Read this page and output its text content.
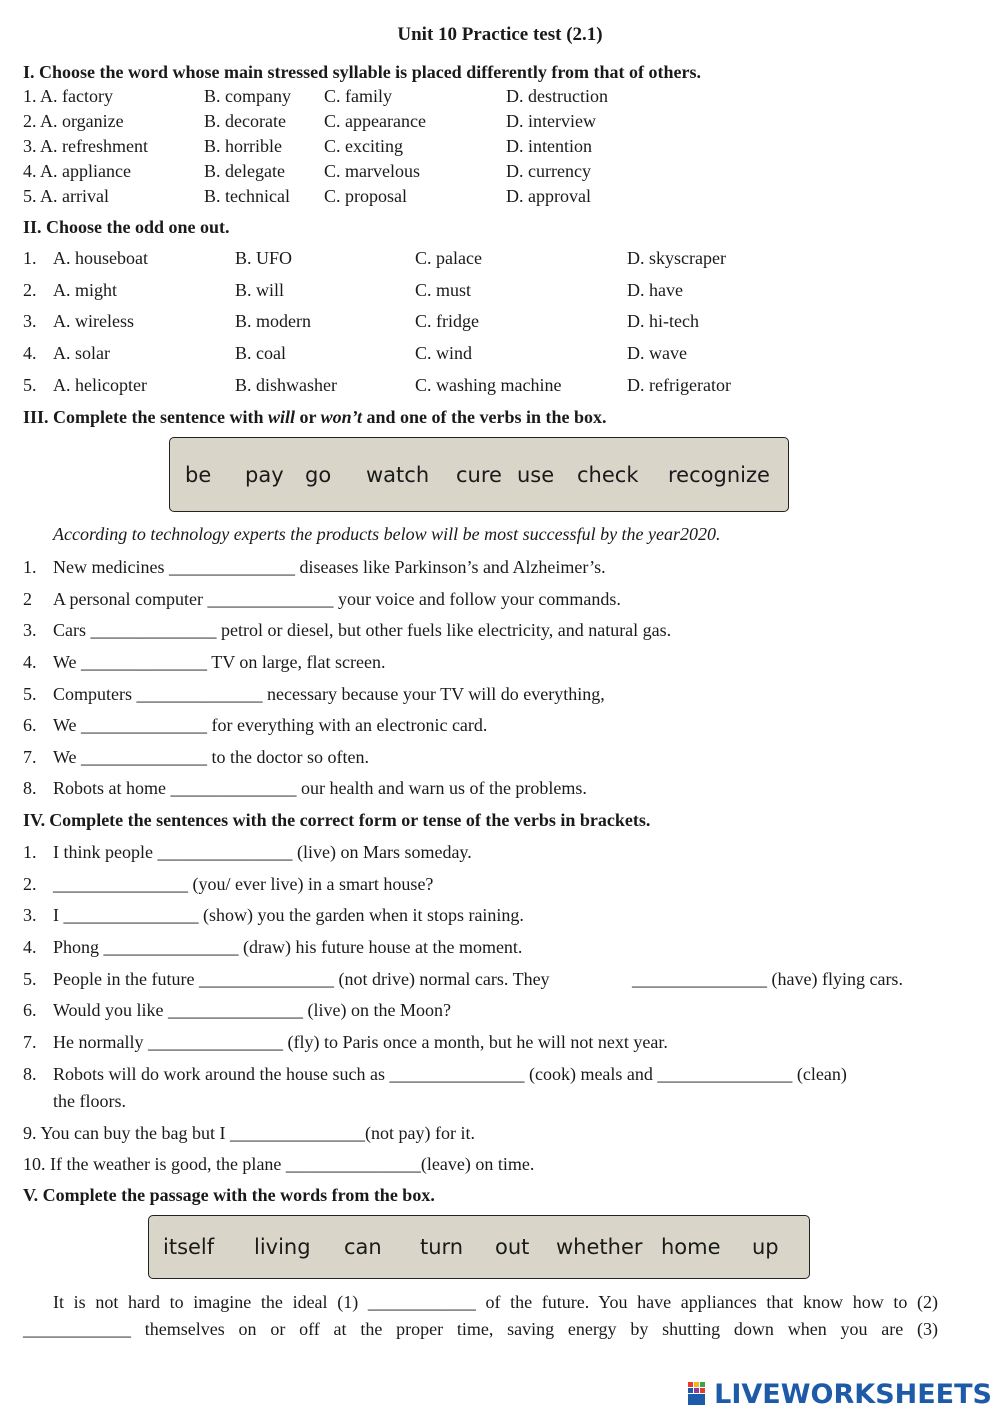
Unit 10 Practice test (2.1)
I. Choose the word whose main stressed syllable is placed differently from that of others.
1. A. factory	B. company C. family	D. destruction
2. A. organize	B. decorate C. appearance	D. interview
3. A. refreshment	B. horrible C. exciting	D. intention
4. A. appliance	B. delegate C. marvelous	D. currency
5. A. arrival	B. technical C. proposal	D. approval
II. Choose the odd one out.
1. A. houseboat	B. UFO	C. palace	D. skyscraper
2. A. might	B. will	C. must	D. have
3. A. wireless	B. modern	C. fridge	D. hi-tech
4. A. solar	B. coal	C. wind	D. wave
5. A. helicopter	B. dishwasher	C. washing machine	D. refrigerator
III. Complete the sentence with will or won’t and one of the verbs in the box.
be pay go watch cure use check recognize
According to technology experts the products below will be most successful by the year2020.
1. New medicines ______________ diseases like Parkinson’s and Alzheimer’s.
2 A personal computer ______________ your voice and follow your commands.
3. Cars ______________ petrol or diesel, but other fuels like electricity, and natural gas.
4. We ______________ TV on large, flat screen.
5. Computers ______________ necessary because your TV will do everything,
6. We ______________ for everything with an electronic card.
7. We ______________ to the doctor so often.
8. Robots at home ______________ our health and warn us of the problems.
IV. Complete the sentences with the correct form or tense of the verbs in brackets.
1. I think people _______________ (live) on Mars someday.
2. _______________ (you/ ever live) in a smart house?
3. I _______________ (show) you the garden when it stops raining.
4. Phong _______________ (draw) his future house at the moment.
5. People in the future _______________ (not drive) normal cars. They	_______________ (have) flying cars.
6. Would you like _______________ (live) on the Moon?
7. He normally _______________ (fly) to Paris once a month, but he will not next year.
8. Robots will do work around the house such as _______________ (cook) meals and _______________ (clean)
the floors.
9. You can buy the bag but I _______________(not pay) for it.
10. If the weather is good, the plane _______________(leave) on time.
V. Complete the passage with the words from the box.
itself living can turn out whether home up
It is not hard to imagine the ideal (1) ____________ of the future. You have appliances that know how to (2)
____________ themselves on or off at the proper time, saving energy by shutting down when you are (3)
LIVEWORKSHEETS
